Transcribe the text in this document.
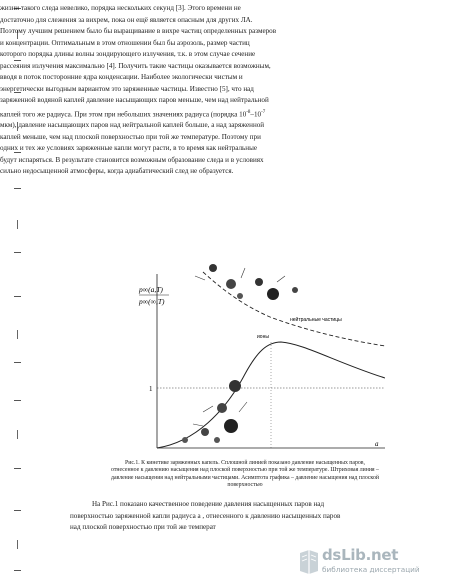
жизни такого следа невелико, порядка нескольких секунд [3]. Этого времени не
достаточно для слежения за вихрем, пока он ещё является опасным для других ЛА.
Поэтому лучшим решением было бы выращивание в вихре частиц определенных размеров
и концентрации. Оптимальным в этом отношении был бы аэрозоль, размер частиц
которого порядка длины волны зондирующего излучения, т.к. в этом случае сечение
рассеяния излучения максимально [4]. Получить такие частицы оказывается возможным,
вводя в поток посторонние ядра конденсации. Наиболее экологически чистым и
энергетически выгодным вариантом это заряженные частицы. Известно [5], что над
заряженной водяной каплей давление насыщающих паров меньше, чем над нейтральной
каплей того же радиуса. При этом при небольших значениях радиуса (порядка $10^{-8}-10^{-7}$
мкм), давление насыщающих паров над нейтральной каплей больше, а над заряженной
каплей меньше, чем над плоской поверхностью при той же температуре. Поэтому при
одних и тех же условиях заряженные капли могут расти, в то время как нейтральные
будут испаряться. В результате становится возможным образование следа и в условиях
сильно недосыщенной атмосферы, когда адиабатический след не образуется.
p∞(a,T)
p∞(∞,T)
1
нейтральные частицы
ионы
a
Рис.1. К кинетике заряженных капель. Сплошной линией показано давление насыщенных паров,
отнесенное к давлению насыщения над плоской поверхностью при той же температуре. Штриховая линия –
давление насыщения над нейтральными частицами. Асимптота графика – давление насыщения над плоской
поверхностью
На Рис.1 показано качественное поведение давления насыщенных паров над
поверхностью заряженной капли радиуса a , отнесенного к давлению насыщенных паров
над плоской поверхностью при той же температ
dsLib.net
библиотека диссертаций
